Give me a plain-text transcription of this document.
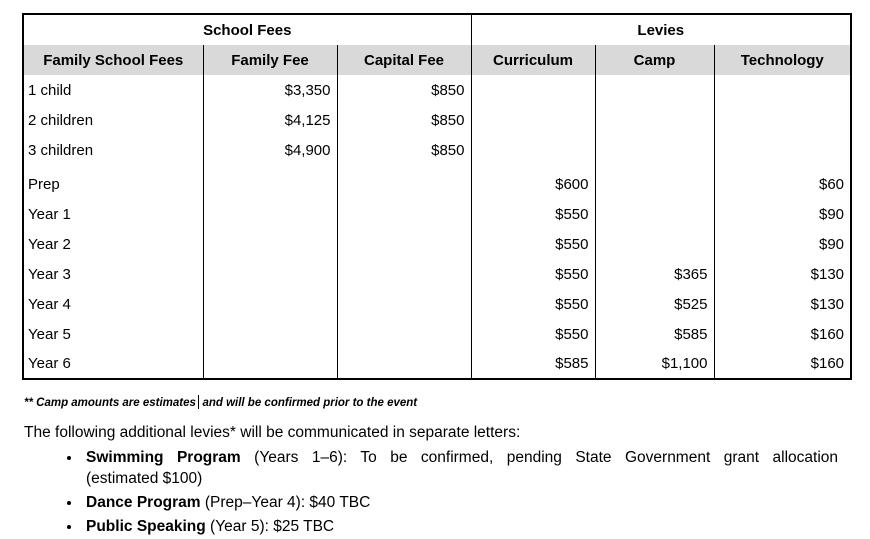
School Fees			Levies		
Family School Fees	Family Fee	Capital Fee	Curriculum	Camp	Technology
1 child	$3,350	$850			
2 children	$4,125	$850			
3 children	$4,900	$850			
Prep			$600		$60
Year 1			$550		$90
Year 2			$550		$90
Year 3			$550	$365	$130
Year 4			$550	$525	$130
Year 5			$550	$585	$160
Year 6			$585	$1,100	$160

** Camp amounts are estimates and will be confirmed prior to the event

The following additional levies* will be communicated in separate letters:

• Swimming Program (Years 1–6): To be confirmed, pending State Government grant allocation (estimated $100)
• Dance Program (Prep–Year 4): $40 TBC
• Public Speaking (Year 5): $25 TBC
